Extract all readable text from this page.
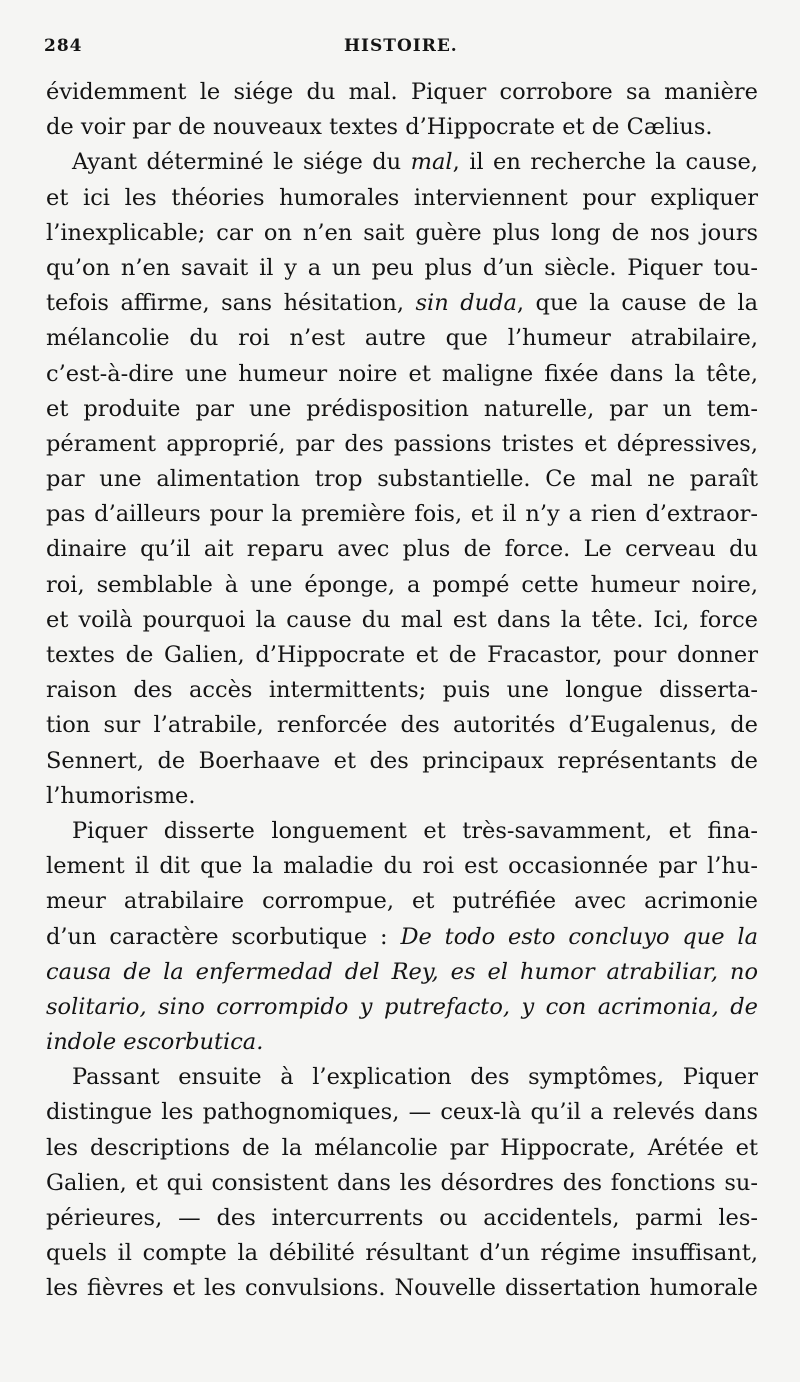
284	HISTOIRE.
évidemment le siége du mal. Piquer corrobore sa manière
de voir par de nouveaux textes d’Hippocrate et de Cælius.
Ayant déterminé le siége du mal, il en recherche la cause,
et ici les théories humorales interviennent pour expliquer
l’inexplicable; car on n’en sait guère plus long de nos jours
qu’on n’en savait il y a un peu plus d’un siècle. Piquer tou-
tefois affirme, sans hésitation, sin duda, que la cause de la
mélancolie du roi n’est autre que l’humeur atrabilaire,
c’est-à-dire une humeur noire et maligne fixée dans la tête,
et produite par une prédisposition naturelle, par un tem-
pérament approprié, par des passions tristes et dépressives,
par une alimentation trop substantielle. Ce mal ne paraît
pas d’ailleurs pour la première fois, et il n’y a rien d’extraor-
dinaire qu’il ait reparu avec plus de force. Le cerveau du
roi, semblable à une éponge, a pompé cette humeur noire,
et voilà pourquoi la cause du mal est dans la tête. Ici, force
textes de Galien, d’Hippocrate et de Fracastor, pour donner
raison des accès intermittents; puis une longue disserta-
tion sur l’atrabile, renforcée des autorités d’Eugalenus, de
Sennert, de Boerhaave et des principaux représentants de
l’humorisme.
Piquer disserte longuement et très-savamment, et fina-
lement il dit que la maladie du roi est occasionnée par l’hu-
meur atrabilaire corrompue, et putréfiée avec acrimonie
d’un caractère scorbutique : De todo esto concluyo que la
causa de la enfermedad del Rey, es el humor atrabiliar, no
solitario, sino corrompido y putrefacto, y con acrimonia, de
indole escorbutica.
Passant ensuite à l’explication des symptômes, Piquer
distingue les pathognomiques, — ceux-là qu’il a relevés dans
les descriptions de la mélancolie par Hippocrate, Arétée et
Galien, et qui consistent dans les désordres des fonctions su-
périeures, — des intercurrents ou accidentels, parmi les-
quels il compte la débilité résultant d’un régime insuffisant,
les fièvres et les convulsions. Nouvelle dissertation humorale
